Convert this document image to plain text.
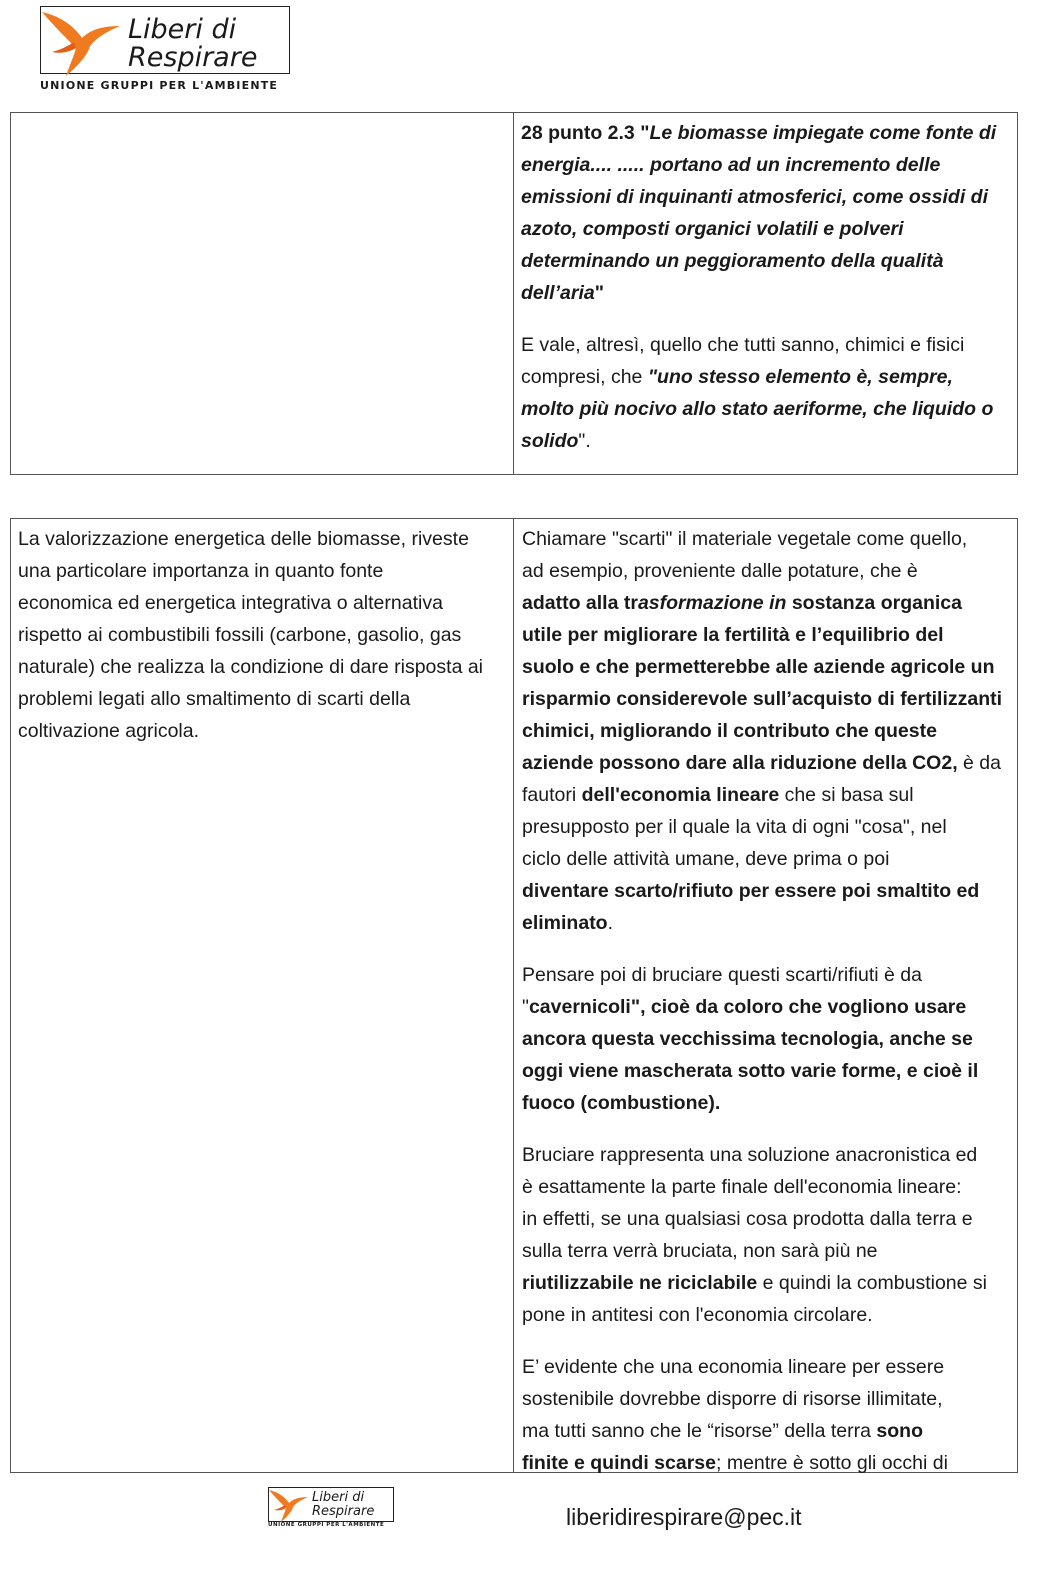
Liberi di
Respirare
UNIONE GRUPPI PER L'AMBIENTE
28 punto 2.3 "Le biomasse impiegate come fonte di
energia.... ..... portano ad un incremento delle
emissioni di inquinanti atmosferici, come ossidi di
azoto, composti organici volatili e polveri
determinando un peggioramento della qualità
dell’aria"
E vale, altresì, quello che tutti sanno, chimici e fisici
compresi, che "uno stesso elemento è, sempre,
molto più nocivo allo stato aeriforme, che liquido o
solido".
La valorizzazione energetica delle biomasse, riveste
una particolare importanza in quanto fonte
economica ed energetica integrativa o alternativa
rispetto ai combustibili fossili (carbone, gasolio, gas
naturale) che realizza la condizione di dare risposta ai
problemi legati allo smaltimento di scarti della
coltivazione agricola.
Chiamare "scarti" il materiale vegetale come quello,
ad esempio, proveniente dalle potature, che è
adatto alla trasformazione in sostanza organica
utile per migliorare la fertilità e l’equilibrio del
suolo e che permetterebbe alle aziende agricole un
risparmio considerevole sull’acquisto di fertilizzanti
chimici, migliorando il contributo che queste
aziende possono dare alla riduzione della CO2, è da
fautori dell'economia lineare che si basa sul
presupposto per il quale la vita di ogni "cosa", nel
ciclo delle attività umane, deve prima o poi
diventare scarto/rifiuto per essere poi smaltito ed
eliminato.
Pensare poi di bruciare questi scarti/rifiuti è da
"cavernicoli", cioè da coloro che vogliono usare
ancora questa vecchissima tecnologia, anche se
oggi viene mascherata sotto varie forme, e cioè il
fuoco (combustione).
Bruciare rappresenta una soluzione anacronistica ed
è esattamente la parte finale dell'economia lineare:
in effetti, se una qualsiasi cosa prodotta dalla terra e
sulla terra verrà bruciata, non sarà più ne
riutilizzabile ne riciclabile e quindi la combustione si
pone in antitesi con l'economia circolare.
E’ evidente che una economia lineare per essere
sostenibile dovrebbe disporre di risorse illimitate,
ma tutti sanno che le “risorse” della terra sono
finite e quindi scarse; mentre è sotto gli occhi di
Liberi di
Respirare
UNIONE GRUPPI PER L'AMBIENTE	liberidirespirare@pec.it
